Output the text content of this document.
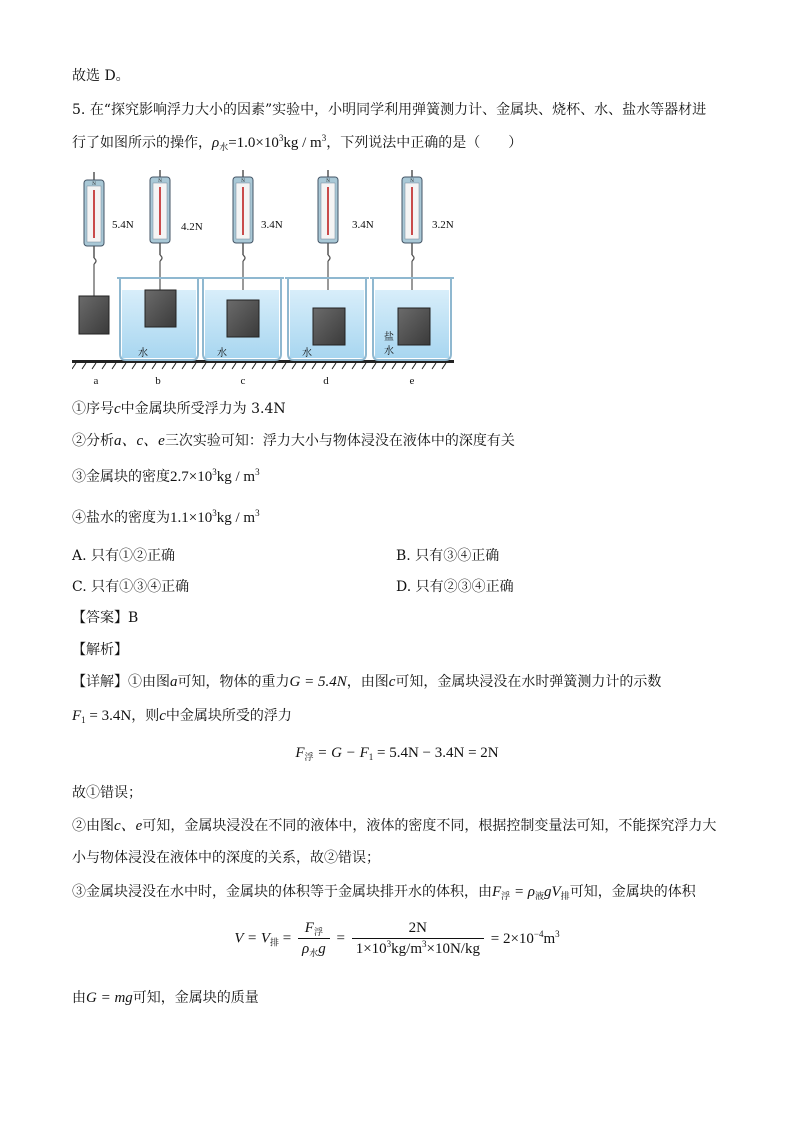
故选 D。
5. 在“探究影响浮力大小的因素”实验中，小明同学利用弹簧测力计、金属块、烧杯、水、盐水等器材进
行了如图所示的操作，$\rho_水=1.0\times 10^3kg / m^3$，下列说法中正确的是（　　）
N
5.4N
a
N
4.2N
水
b
N
3.4N
水
c
N
3.4N
水
d
N
3.2N
盐
水
e
①序号c中金属块所受浮力为 3.4N
②分析a、c、e三次实验可知：浮力大小与物体浸没在液体中的深度有关
③金属块的密度$2.7\times 10^3kg / m^3$
④盐水的密度为$1.1\times 10^3kg / m^3$
A. 只有①②正确	B. 只有③④正确
C. 只有①③④正确	D. 只有②③④正确
【答案】B
【解析】
【详解】①由图a可知，物体的重力G = 5.4N，由图c可知，金属块浸没在水时弹簧测力计的示数
$F_1 = 3.4N$，则c中金属块所受的浮力
$F_浮 = G - F_1 = 5.4N - 3.4N = 2N$
故①错误；
②由图c、e可知，金属块浸没在不同的液体中，液体的密度不同，根据控制变量法可知，不能探究浮力大
小与物体浸没在液体中的深度的关系，故②错误；
③金属块浸没在水中时，金属块的体积等于金属块排开水的体积，由$F_浮 = \rho_液gV_排$可知，金属块的体积
$V = V_排 = \frac{F_浮}{\rho_水g} = \frac{2N}{1\times 10^3kg/m^3\times 10N/kg} = 2\times 10^{-4}m^3$
由G = mg可知，金属块的质量
